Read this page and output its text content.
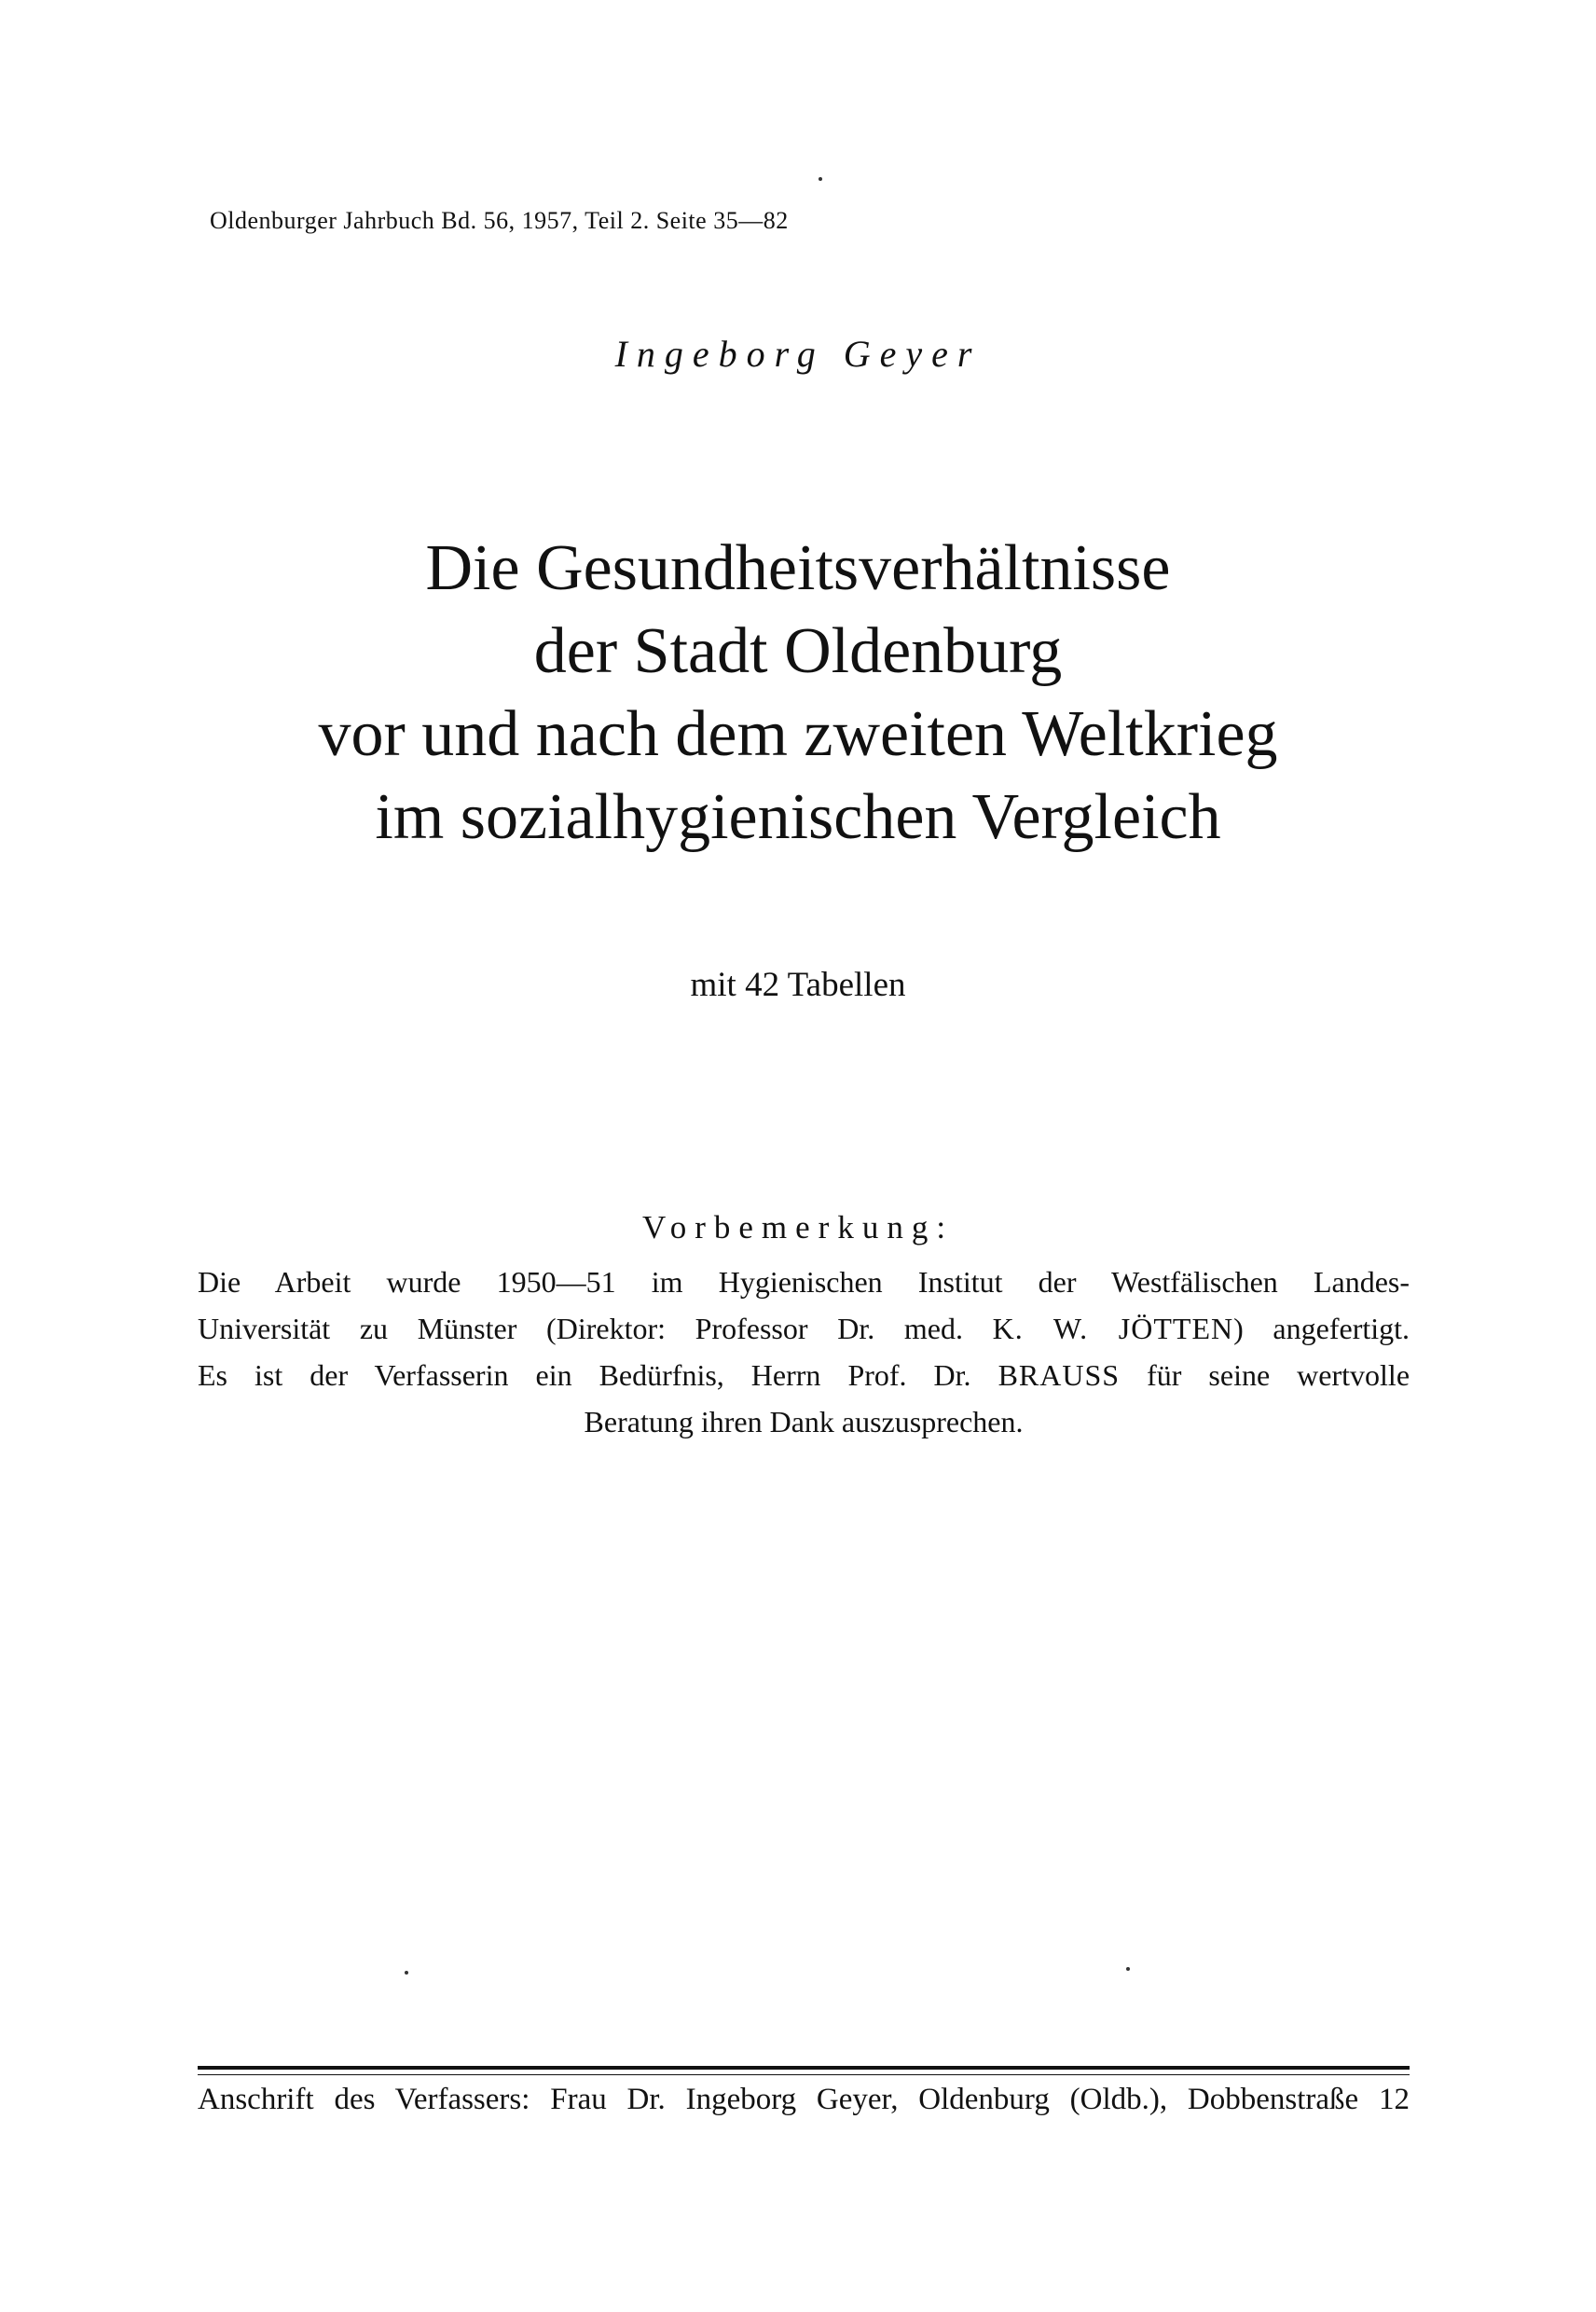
Oldenburger Jahrbuch Bd. 56, 1957, Teil 2. Seite 35—82
Ingeborg Geyer
Die Gesundheitsverhältnisse
der Stadt Oldenburg
vor und nach dem zweiten Weltkrieg
im sozialhygienischen Vergleich
mit 42 Tabellen
Vorbemerkung:
Die Arbeit wurde 1950—51 im Hygienischen Institut der Westfälischen Landes-
Universität zu Münster (Direktor: Professor Dr. med. K. W. JÖTTEN) angefertigt.
Es ist der Verfasserin ein Bedürfnis, Herrn Prof. Dr. BRAUSS für seine wertvolle
Beratung ihren Dank auszusprechen.
Anschrift des Verfassers: Frau Dr. Ingeborg Geyer, Oldenburg (Oldb.), Dobbenstraße 12
